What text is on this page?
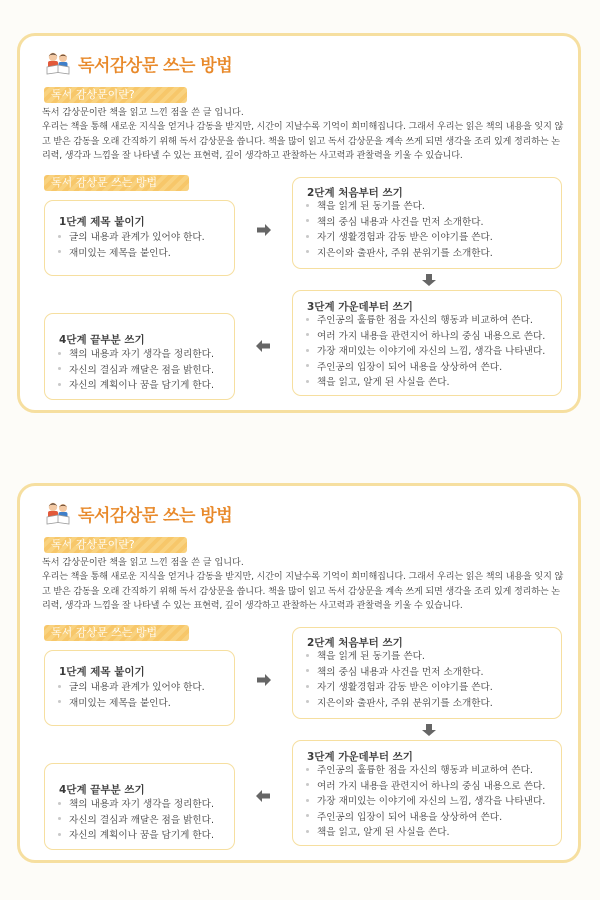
독서감상문 쓰는 방법
독서 감상문이란?
독서 감상문이란 책을 읽고 느낀 점을 쓴 글 입니다.
우리는 책을 통해 새로운 지식을 얻거나 감동을 받지만, 시간이 지날수록 기억이 희미해집니다. 그래서 우리는 읽은 책의 내용을 잊지 않고 받은 감동을 오래 간직하기 위해 독서 감상문을 씁니다. 책을 많이 읽고 독서 감상문을 계속 쓰게 되면 생각을 조리 있게 정리하는 논리력, 생각과 느낌을 잘 나타낼 수 있는 표현력, 깊이 생각하고 관찰하는 사고력과 관찰력을 키울 수 있습니다.
독서 감상문 쓰는 방법
1단계 제목 붙이기
글의 내용과 관계가 있어야 한다.
재미있는 제목을 붙인다.
2단계 처음부터 쓰기
책을 읽게 된 동기를 쓴다.
책의 중심 내용과 사건을 먼저 소개한다.
자기 생활경험과 감동 받은 이야기를 쓴다.
지은이와 출판사, 주위 분위기를 소개한다.
3단계 가운데부터 쓰기
주인공의 훌륭한 점을 자신의 행동과 비교하여 쓴다.
여러 가지 내용을 관련지어 하나의 중심 내용으로 쓴다.
가장 재미있는 이야기에 자신의 느낌, 생각을 나타낸다.
주인공의 입장이 되어 내용을 상상하여 쓴다.
책을 읽고, 알게 된 사실을 쓴다.
4단계 끝부분 쓰기
책의 내용과 자기 생각을 정리한다.
자신의 결심과 깨달은 점을 밝힌다.
자신의 계획이나 꿈을 담기게 한다.
독서감상문 쓰는 방법
독서 감상문이란?
독서 감상문이란 책을 읽고 느낀 점을 쓴 글 입니다.
우리는 책을 통해 새로운 지식을 얻거나 감동을 받지만, 시간이 지날수록 기억이 희미해집니다. 그래서 우리는 읽은 책의 내용을 잊지 않고 받은 감동을 오래 간직하기 위해 독서 감상문을 씁니다. 책을 많이 읽고 독서 감상문을 계속 쓰게 되면 생각을 조리 있게 정리하는 논리력, 생각과 느낌을 잘 나타낼 수 있는 표현력, 깊이 생각하고 관찰하는 사고력과 관찰력을 키울 수 있습니다.
독서 감상문 쓰는 방법
1단계 제목 붙이기
글의 내용과 관계가 있어야 한다.
재미있는 제목을 붙인다.
2단계 처음부터 쓰기
책을 읽게 된 동기를 쓴다.
책의 중심 내용과 사건을 먼저 소개한다.
자기 생활경험과 감동 받은 이야기를 쓴다.
지은이와 출판사, 주위 분위기를 소개한다.
3단계 가운데부터 쓰기
주인공의 훌륭한 점을 자신의 행동과 비교하여 쓴다.
여러 가지 내용을 관련지어 하나의 중심 내용으로 쓴다.
가장 재미있는 이야기에 자신의 느낌, 생각을 나타낸다.
주인공의 입장이 되어 내용을 상상하여 쓴다.
책을 읽고, 알게 된 사실을 쓴다.
4단계 끝부분 쓰기
책의 내용과 자기 생각을 정리한다.
자신의 결심과 깨달은 점을 밝힌다.
자신의 계획이나 꿈을 담기게 한다.
